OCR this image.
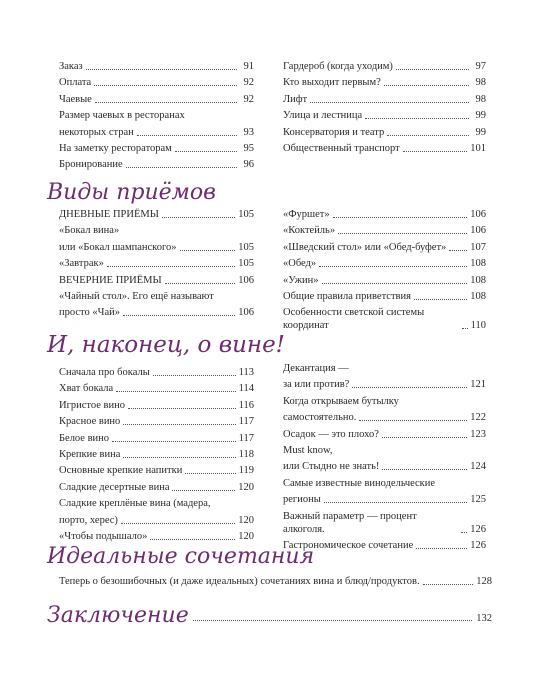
Заказ	91
Оплата	92
Чаевые	92
Размер чаевых в ресторанах
некоторых стран	93
На заметку рестораторам	95
Бронирование	96
Гардероб (когда уходим)	97
Кто выходит первым?	98
Лифт	98
Улица и лестница	99
Консерватория и театр	99
Общественный транспорт	101
Виды приёмов
ДНЕВНЫЕ ПРИЁМЫ	105
«Бокал вина»
или «Бокал шампанского»	105
«Завтрак»	105
ВЕЧЕРНИЕ ПРИЁМЫ	106
«Чайный стол». Его ещё называют
просто «Чай»	106
«Фуршет»	106
«Коктейль»	106
«Шведский стол» или «Обед-буфет» 107
«Обед»	108
«Ужин»	108
Общие правила приветствия	108
Особенности светской системы координат	110
И, наконец, о вине!
Сначала про бокалы	113
Хват бокала	114
Игристое вино	116
Красное вино	117
Белое вино	117
Крепкие вина	118
Основные крепкие напитки	119
Сладкие десертные вина	120
Сладкие креплёные вина (мадера,
порто, херес)	120
«Чтобы подышало»	120
Декантация —
за или против?	121
Когда открываем бутылку
самостоятельно.	122
Осадок — это плохо?	123
Must know,
или Стыдно не знать!	124
Самые известные винодельческие
регионы	125
Важный параметр — процент алкоголя.	126
Гастрономическое сочетание	126
Идеальные сочетания
Теперь о безошибочных (и даже идеальных) сочетаниях вина и блюд/продуктов.	128
Заключение	132
